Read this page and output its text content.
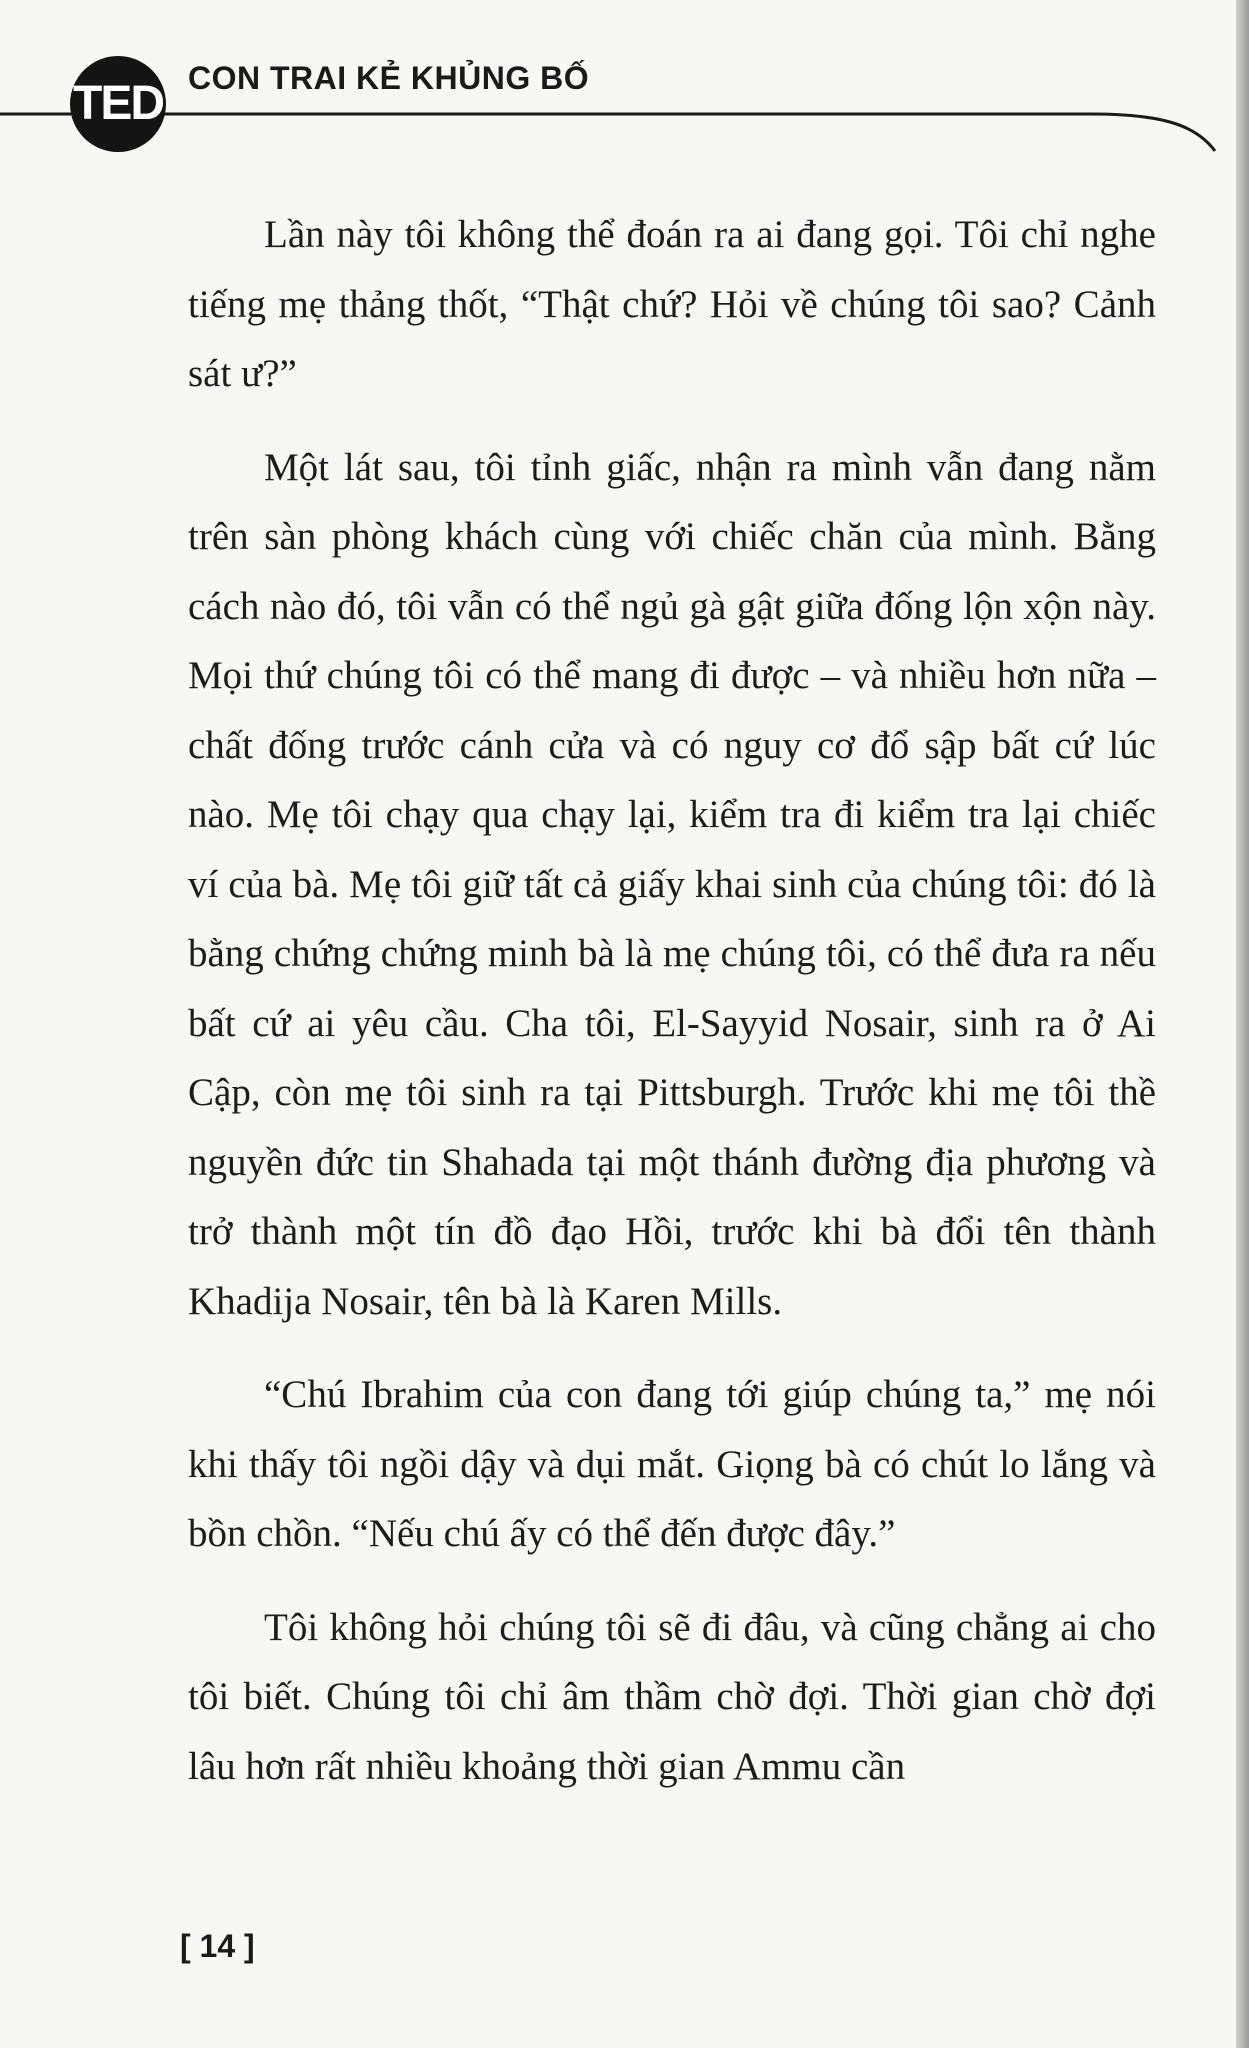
TED CON TRAI KẺ KHỦNG BỐ

Lần này tôi không thể đoán ra ai đang gọi. Tôi chỉ nghe tiếng mẹ thảng thốt, “Thật chứ? Hỏi về chúng tôi sao? Cảnh sát ư?”

Một lát sau, tôi tỉnh giấc, nhận ra mình vẫn đang nằm trên sàn phòng khách cùng với chiếc chăn của mình. Bằng cách nào đó, tôi vẫn có thể ngủ gà gật giữa đống lộn xộn này. Mọi thứ chúng tôi có thể mang đi được – và nhiều hơn nữa – chất đống trước cánh cửa và có nguy cơ đổ sập bất cứ lúc nào. Mẹ tôi chạy qua chạy lại, kiểm tra đi kiểm tra lại chiếc ví của bà. Mẹ tôi giữ tất cả giấy khai sinh của chúng tôi: đó là bằng chứng chứng minh bà là mẹ chúng tôi, có thể đưa ra nếu bất cứ ai yêu cầu. Cha tôi, El-Sayyid Nosair, sinh ra ở Ai Cập, còn mẹ tôi sinh ra tại Pittsburgh. Trước khi mẹ tôi thề nguyền đức tin Shahada tại một thánh đường địa phương và trở thành một tín đồ đạo Hồi, trước khi bà đổi tên thành Khadija Nosair, tên bà là Karen Mills.

“Chú Ibrahim của con đang tới giúp chúng ta,” mẹ nói khi thấy tôi ngồi dậy và dụi mắt. Giọng bà có chút lo lắng và bồn chồn. “Nếu chú ấy có thể đến được đây.”

Tôi không hỏi chúng tôi sẽ đi đâu, và cũng chẳng ai cho tôi biết. Chúng tôi chỉ âm thầm chờ đợi. Thời gian chờ đợi lâu hơn rất nhiều khoảng thời gian Ammu cần

[ 14 ]
